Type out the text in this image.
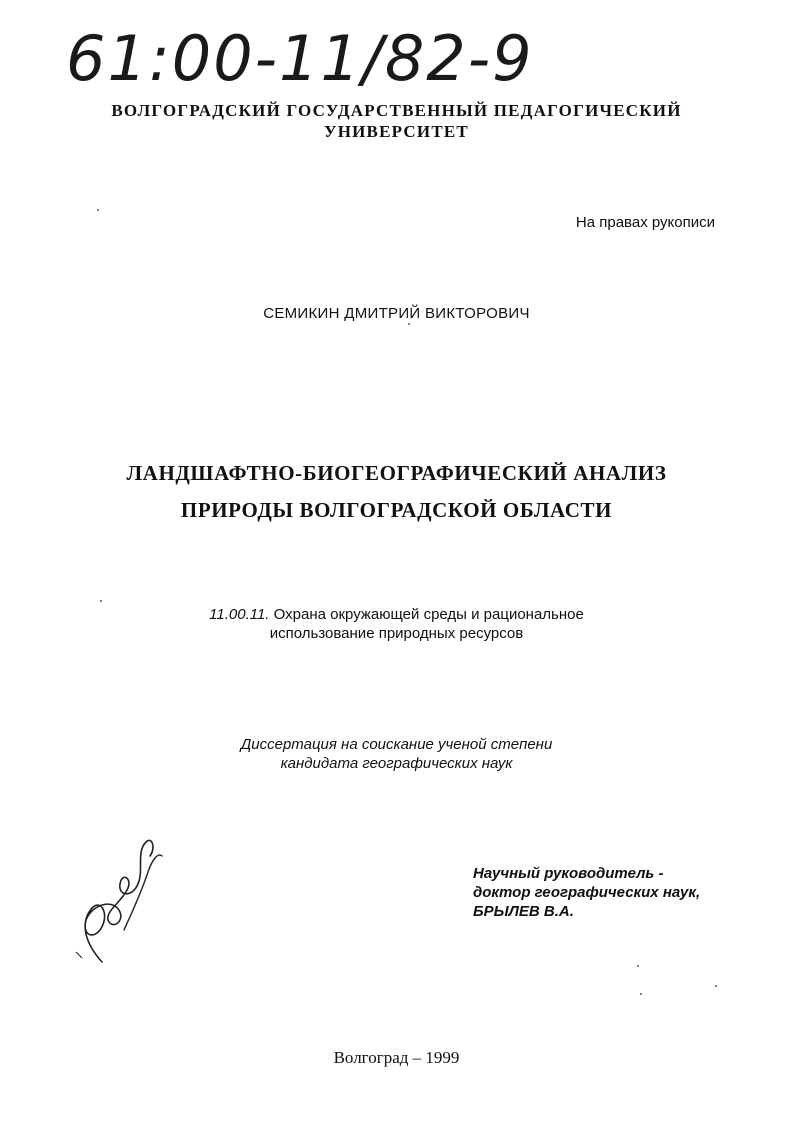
61:00-11/82-9
ВОЛГОГРАДСКИЙ ГОСУДАРСТВЕННЫЙ ПЕДАГОГИЧЕСКИЙ
УНИВЕРСИТЕТ
На правах рукописи
СЕМИКИН ДМИТРИЙ ВИКТОРОВИЧ
ЛАНДШАФТНО-БИОГЕОГРАФИЧЕСКИЙ АНАЛИЗ
ПРИРОДЫ ВОЛГОГРАДСКОЙ ОБЛАСТИ
11.00.11. Охрана окружающей среды и рациональное
использование природных ресурсов
Диссертация на соискание ученой степени
кандидата географических наук
Научный руководитель -
доктор географических наук,
БРЫЛЕВ В.А.
Волгоград – 1999
